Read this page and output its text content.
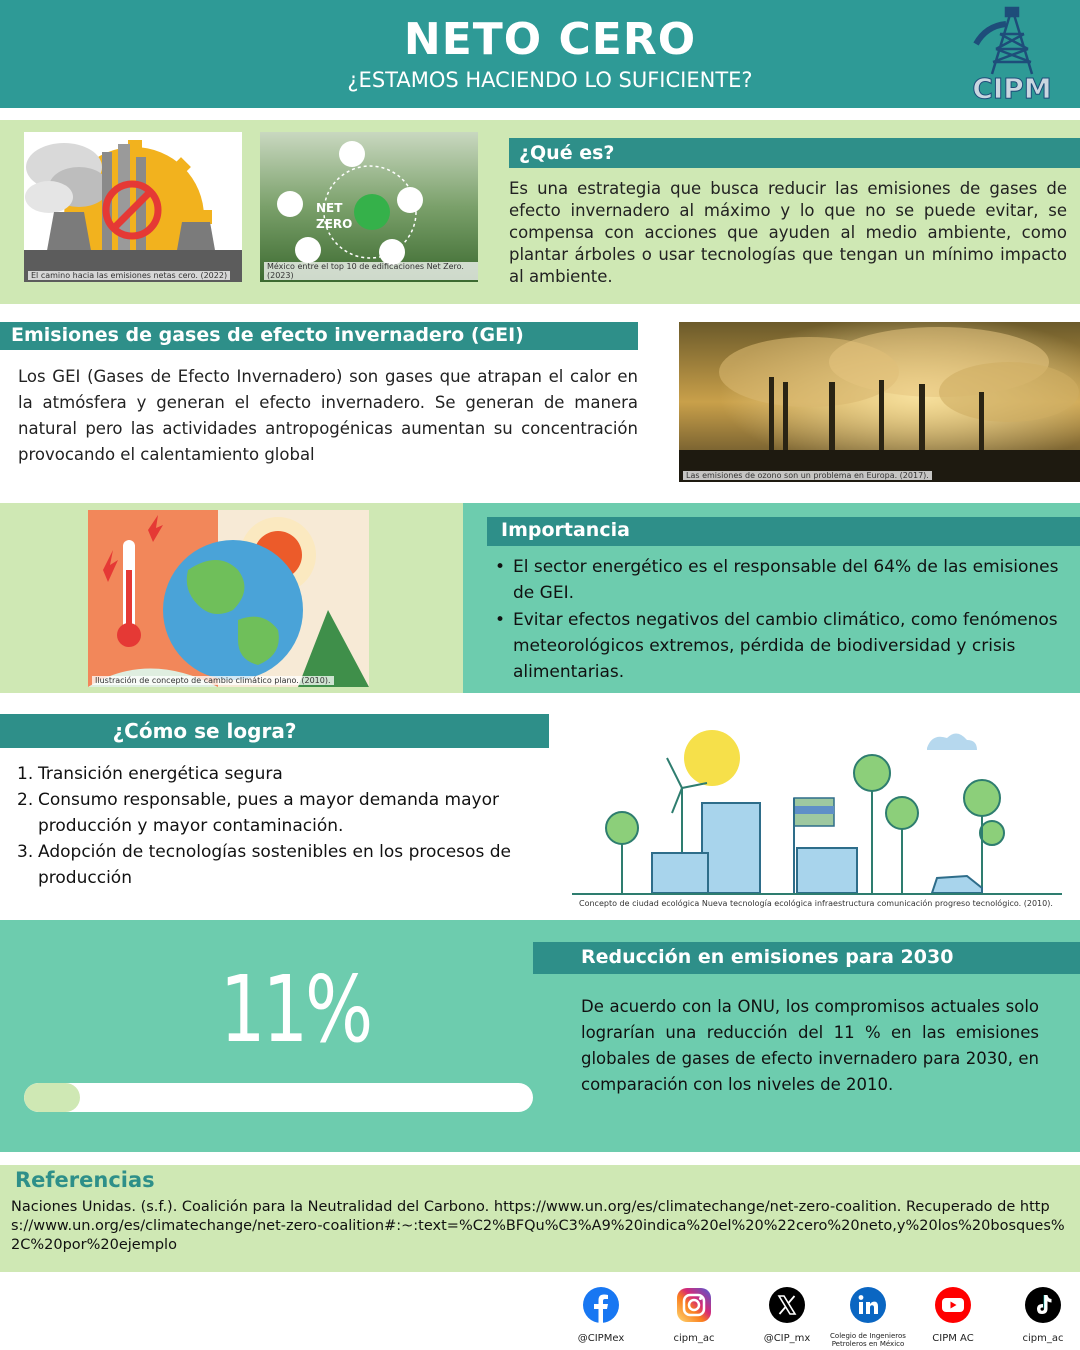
NETO CERO
¿ESTAMOS HACIENDO LO SUFICIENTE?	CIPM
El camino hacia las emisiones netas cero. (2022)
NET
ZERO
México entre el top 10 de edificaciones Net Zero. (2023)
¿Qué es?
Es una estrategia que busca reducir las emisiones de gases de efecto invernadero al máximo y lo que no se puede evitar, se compensa con acciones que ayuden al medio ambiente, como plantar árboles o usar tecnologías que tengan un mínimo impacto al ambiente.
Emisiones de gases de efecto invernadero (GEI)
Los GEI (Gases de Efecto Invernadero) son gases que atrapan el calor en la atmósfera y generan el efecto invernadero. Se generan de manera natural pero las actividades antropogénicas aumentan su concentración provocando el calentamiento global
Las emisiones de ozono son un problema en Europa. (2017).
Ilustración de concepto de cambio climático plano. (2010).
Importancia
• El sector energético es el responsable del 64% de las emisiones de GEI.
• Evitar efectos negativos del cambio climático, como fenómenos meteorológicos extremos, pérdida de biodiversidad y crisis alimentarias.
¿Cómo se logra?
1. Transición energética segura
2. Consumo responsable, pues a mayor demanda mayor producción y mayor contaminación.
3. Adopción de tecnologías sostenibles en los procesos de producción
Concepto de ciudad ecológica Nueva tecnología ecológica infraestructura comunicación progreso tecnológico. (2010).
Reducción en emisiones para 2030
11%	De acuerdo con la ONU, los compromisos actuales solo lograrían una reducción del 11 % en las emisiones globales de gases de efecto invernadero para 2030, en comparación con los niveles de 2010.
Referencias
Naciones Unidas. (s.f.). Coalición para la Neutralidad del Carbono. https://www.un.org/es/climatechange/net-zero-coalition. Recuperado de https://www.un.org/es/climatechange/net-zero-coalition#:~:text=%C2%BFQu%C3%A9%20indica%20el%20%22cero%20neto,y%20los%20bosques%2C%20por%20ejemplo
@CIPMex	cipm_ac	@CIP_mx	Colegio de Ingenieros Petroleros en México	CIPM AC	cipm_ac
